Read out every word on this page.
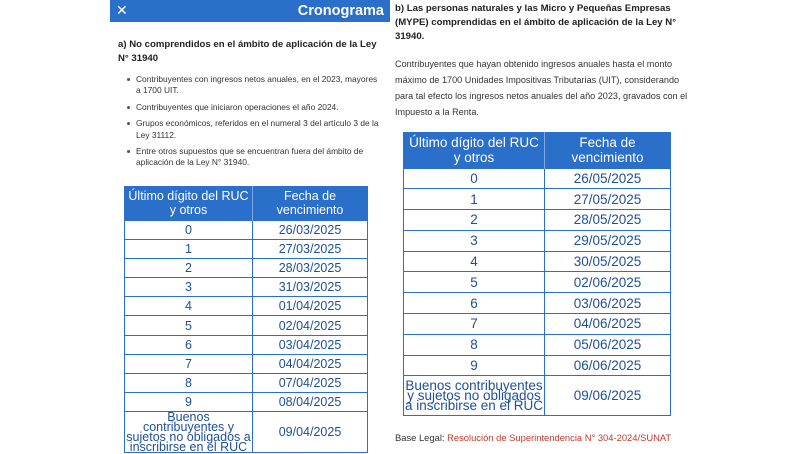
✕	Cronograma
a) No comprendidos en el ámbito de aplicación de la Ley N° 31940
Contribuyentes con ingresos netos anuales, en el 2023, mayores a 1700 UIT.
Contribuyentes que iniciaron operaciones el año 2024.
Grupos económicos, referidos en el numeral 3 del artículo 3 de la Ley 31112.
Entre otros supuestos que se encuentran fuera del ámbito de aplicación de la Ley N° 31940.
Último dígito del RUC y otros	Fecha de vencimiento
0	26/03/2025
1	27/03/2025
2	28/03/2025
3	31/03/2025
4	01/04/2025
5	02/04/2025
6	03/04/2025
7	04/04/2025
8	07/04/2025
9	08/04/2025
Buenos contribuyentes y sujetos no obligados a inscribirse en el RUC	09/04/2025
b) Las personas naturales y las Micro y Pequeñas Empresas (MYPE) comprendidas en el ámbito de aplicación de la Ley N° 31940.
Contribuyentes que hayan obtenido ingresos anuales hasta el monto máximo de 1700 Unidades Impositivas Tributarias (UIT), considerando para tal efecto los ingresos netos anuales del año 2023, gravados con el Impuesto a la Renta.
Último dígito del RUC y otros	Fecha de vencimiento
0	26/05/2025
1	27/05/2025
2	28/05/2025
3	29/05/2025
4	30/05/2025
5	02/06/2025
6	03/06/2025
7	04/06/2025
8	05/06/2025
9	06/06/2025
Buenos contribuyentes y sujetos no obligados a inscribirse en el RUC	09/06/2025
Base Legal: Resolución de Superintendencia N° 304-2024/SUNAT
